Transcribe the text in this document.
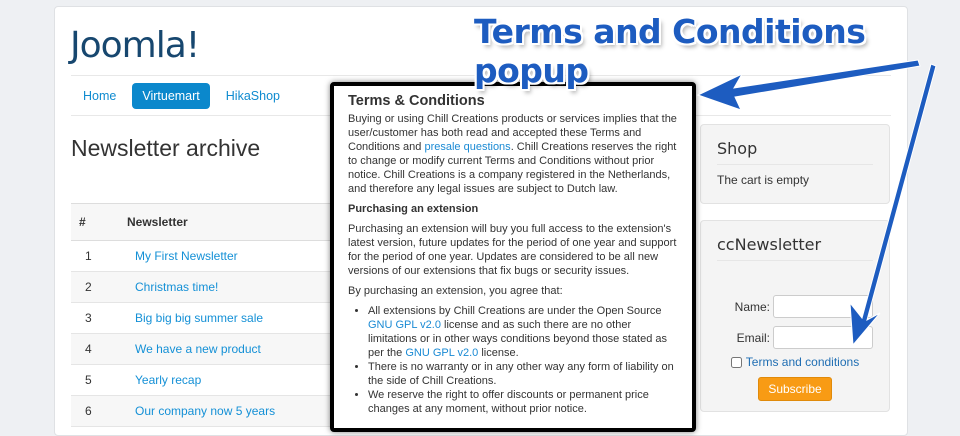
Joomla!
Home	Virtuemart	HikaShop
Newsletter archive
#	Newsletter
1	My First Newsletter
2	Christmas time!
3	Big big big summer sale
4	We have a new product
5	Yearly recap
6	Our company now 5 years
Shop
The cart is empty
ccNewsletter
Name:
Email:
Terms and conditions
Subscribe
Terms & Conditions

Buying or using Chill Creations products or services implies that the user/customer has both read and accepted these Terms and Conditions and presale questions. Chill Creations reserves the right to change or modify current Terms and Conditions without prior notice. Chill Creations is a company registered in the Netherlands, and therefore any legal issues are subject to Dutch law.

Purchasing an extension

Purchasing an extension will buy you full access to the extension's latest version, future updates for the period of one year and support for the period of one year. Updates are considered to be all new versions of our extensions that fix bugs or security issues.

By purchasing an extension, you agree that:

• All extensions by Chill Creations are under the Open Source GNU GPL v2.0 license and as such there are no other limitations or in other ways conditions beyond those stated as per the GNU GPL v2.0 license.
• There is no warranty or in any other way any form of liability on the side of Chill Creations.
• We reserve the right to offer discounts or permanent price changes at any moment, without prior notice.
Terms and Conditions popup
